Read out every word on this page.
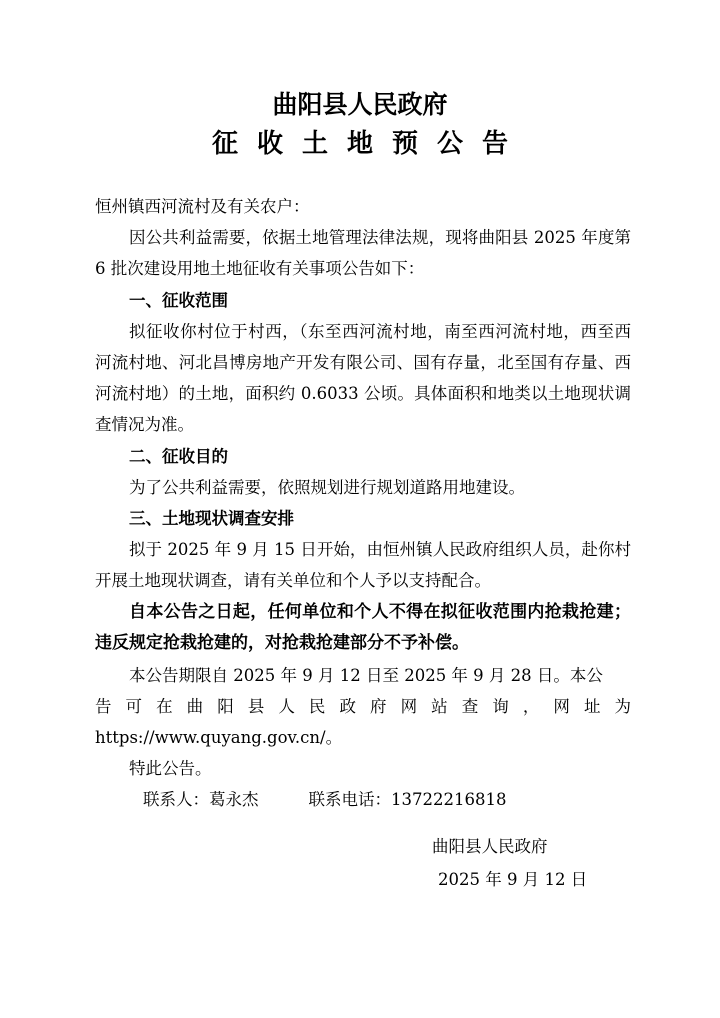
曲阳县人民政府
征收土地预公告

恒州镇西河流村及有关农户：

因公共利益需要，依据土地管理法律法规，现将曲阳县 2025 年度第 6 批次建设用地土地征收有关事项公告如下：

一、征收范围

拟征收你村位于村西，（东至西河流村地，南至西河流村地，西至西河流村地、河北昌博房地产开发有限公司、国有存量，北至国有存量、西河流村地）的土地，面积约 0.6033 公顷。具体面积和地类以土地现状调查情况为准。

二、征收目的

为了公共利益需要，依照规划进行规划道路用地建设。

三、土地现状调查安排

拟于 2025 年 9 月 15 日开始，由恒州镇人民政府组织人员，赴你村开展土地现状调查，请有关单位和个人予以支持配合。

自本公告之日起，任何单位和个人不得在拟征收范围内抢栽抢建；违反规定抢栽抢建的，对抢栽抢建部分不予补偿。

本公告期限自 2025 年 9 月 12 日至 2025 年 9 月 28 日。本公

告可在曲阳县人民政府网站查询，网址为

https://www.quyang.gov.cn/。

特此公告。

联系人：葛永杰	联系电话：13722216818

曲阳县人民政府
2025 年 9 月 12 日
